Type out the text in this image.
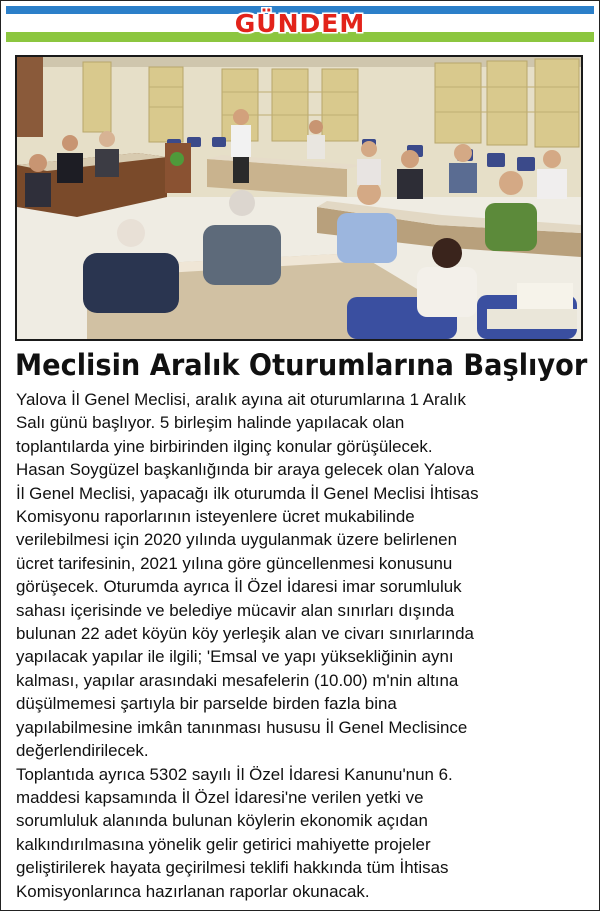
GÜNDEM
Meclisin Aralık Oturumlarına Başlıyor
Yalova İl Genel Meclisi, aralık ayına ait oturumlarına 1 Aralık
Salı günü başlıyor. 5 birleşim halinde yapılacak olan
toplantılarda yine birbirinden ilginç konular görüşülecek.
Hasan Soygüzel başkanlığında bir araya gelecek olan Yalova
İl Genel Meclisi, yapacağı ilk oturumda İl Genel Meclisi İhtisas
Komisyonu raporlarının isteyenlere ücret mukabilinde
verilebilmesi için 2020 yılında uygulanmak üzere belirlenen
ücret tarifesinin, 2021 yılına göre güncellenmesi konusunu
görüşecek. Oturumda ayrıca İl Özel İdaresi imar sorumluluk
sahası içerisinde ve belediye mücavir alan sınırları dışında
bulunan 22 adet köyün köy yerleşik alan ve civarı sınırlarında
yapılacak yapılar ile ilgili; 'Emsal ve yapı yüksekliğinin aynı
kalması, yapılar arasındaki mesafelerin (10.00) m'nin altına
düşülmemesi şartıyla bir parselde birden fazla bina
yapılabilmesine imkân tanınması hususu İl Genel Meclisince
değerlendirilecek.
Toplantıda ayrıca 5302 sayılı İl Özel İdaresi Kanunu'nun 6.
maddesi kapsamında İl Özel İdaresi'ne verilen yetki ve
sorumluluk alanında bulunan köylerin ekonomik açıdan
kalkındırılmasına yönelik gelir getirici mahiyette projeler
geliştirilerek hayata geçirilmesi teklifi hakkında tüm İhtisas
Komisyonlarınca hazırlanan raporlar okunacak.
